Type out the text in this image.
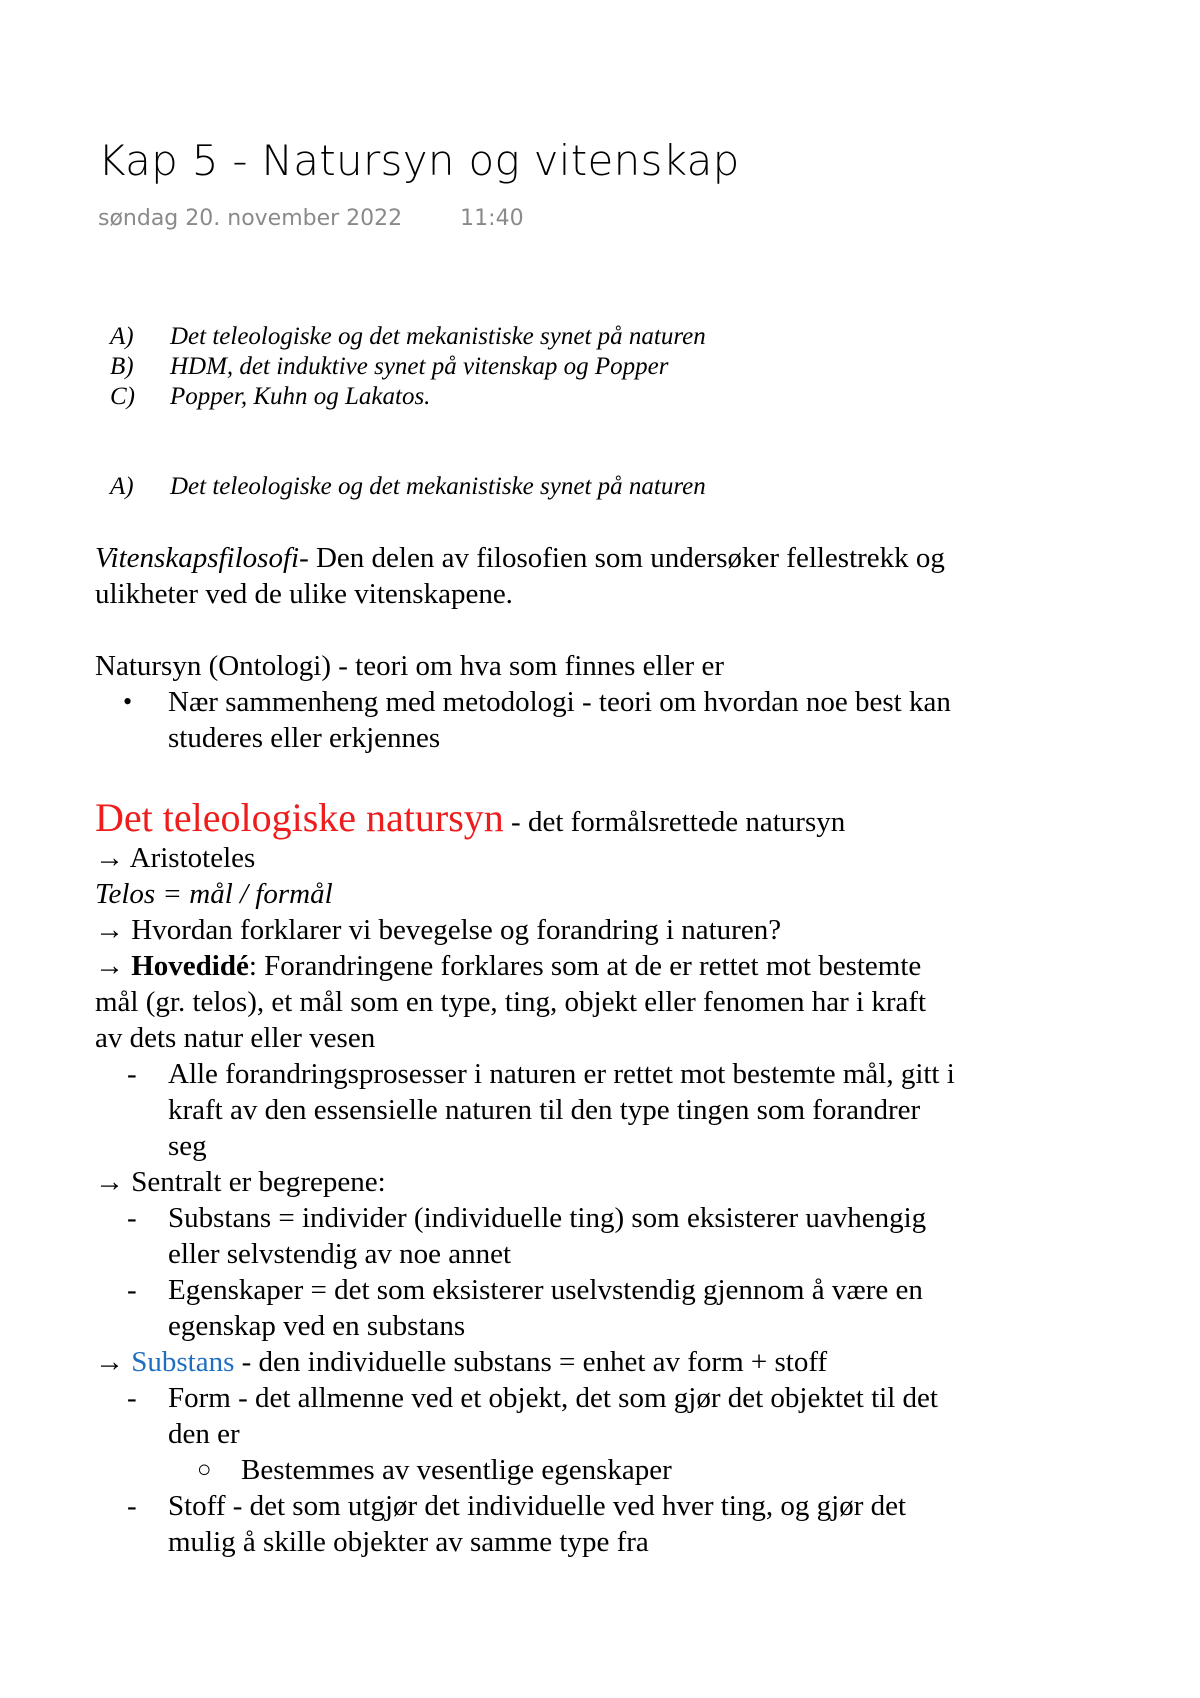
Kap 5 - Natursyn og vitenskap
søndag 20. november 2022	11:40
A)	Det teleologiske og det mekanistiske synet på naturen
B)	HDM, det induktive synet på vitenskap og Popper
C)	Popper, Kuhn og Lakatos.
A)	Det teleologiske og det mekanistiske synet på naturen

Vitenskapsfilosofi- Den delen av filosofien som undersøker fellestrekk og ulikheter ved de ulike vitenskapene.

Natursyn (Ontologi) - teori om hva som finnes eller er

• Nær sammenheng med metodologi - teori om hvordan noe best kan studeres eller erkjennes

Det teleologiske natursyn - det formålsrettede natursyn

→ Aristoteles

Telos = mål / formål

→ Hvordan forklarer vi bevegelse og forandring i naturen?

→ Hovedidé: Forandringene forklares som at de er rettet mot bestemte mål (gr. telos), et mål som en type, ting, objekt eller fenomen har i kraft av dets natur eller vesen

- Alle forandringsprosesser i naturen er rettet mot bestemte mål, gitt i kraft av den essensielle naturen til den type tingen som forandrer seg

→ Sentralt er begrepene:

- Substans = individer (individuelle ting) som eksisterer uavhengig eller selvstendig av noe annet
- Egenskaper = det som eksisterer uselvstendig gjennom å være en egenskap ved en substans

→ Substans - den individuelle substans = enhet av form + stoff

- Form - det allmenne ved et objekt, det som gjør det objektet til det den er
○ Bestemmes av vesentlige egenskaper
- Stoff - det som utgjør det individuelle ved hver ting, og gjør det mulig å skille objekter av samme type fra
